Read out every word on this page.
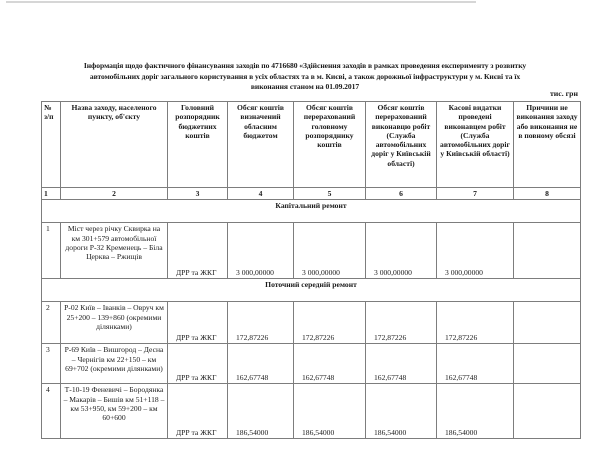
Інформація щодо фактичного фінансування заходів по 4716680 «Здійснення заходів в рамках проведення експерименту з розвитку
автомобільних доріг загального користування в усіх областях та в м. Києві, а також дорожньої інфраструктури у м. Києві та їх
виконання станом на 01.09.2017
тис. грн
№ з/п	Назва заходу, населеного пункту, об'єкту	Головний розпорядник бюджетних коштів	Обсяг коштів визначений обласним бюджетом	Обсяг коштів перерахований головному розпоряднику коштів	Обсяг коштів перерахований виконавцю робіт (Служба автомобільних доріг у Київській області)	Касові видатки проведені виконавцем робіт (Служба автомобільних доріг у Київській області)	Причини не виконання заходу або виконання не в повному обсязі
1	2	3	4	5	6	7	8
Капітальний ремонт							
1	Міст через річку Сквирка на км 301+579 автомобільної дороги Р-32 Кременець – Біла Церква – Ржищів	ДРР та ЖКГ	3 000,00000	3 000,00000	3 000,00000	3 000,00000	
Поточний середній ремонт							
2	Р-02 Київ – Іванків – Овруч км 25+200 – 139+860 (окремими ділянками)	ДРР та ЖКГ	172,87226	172,87226	172,87226	172,87226	
3	Р-69 Київ – Вишгород – Десна – Чернігів км 22+150 – км 69+702 (окремими ділянками)	ДРР та ЖКГ	162,67748	162,67748	162,67748	162,67748	
4	Т-10-19 Феневичі – Бородянка – Макарів – Бишів км 51+118 – км 53+950, км 59+200 – км 60+600	ДРР та ЖКГ	186,54000	186,54000	186,54000	186,54000	
